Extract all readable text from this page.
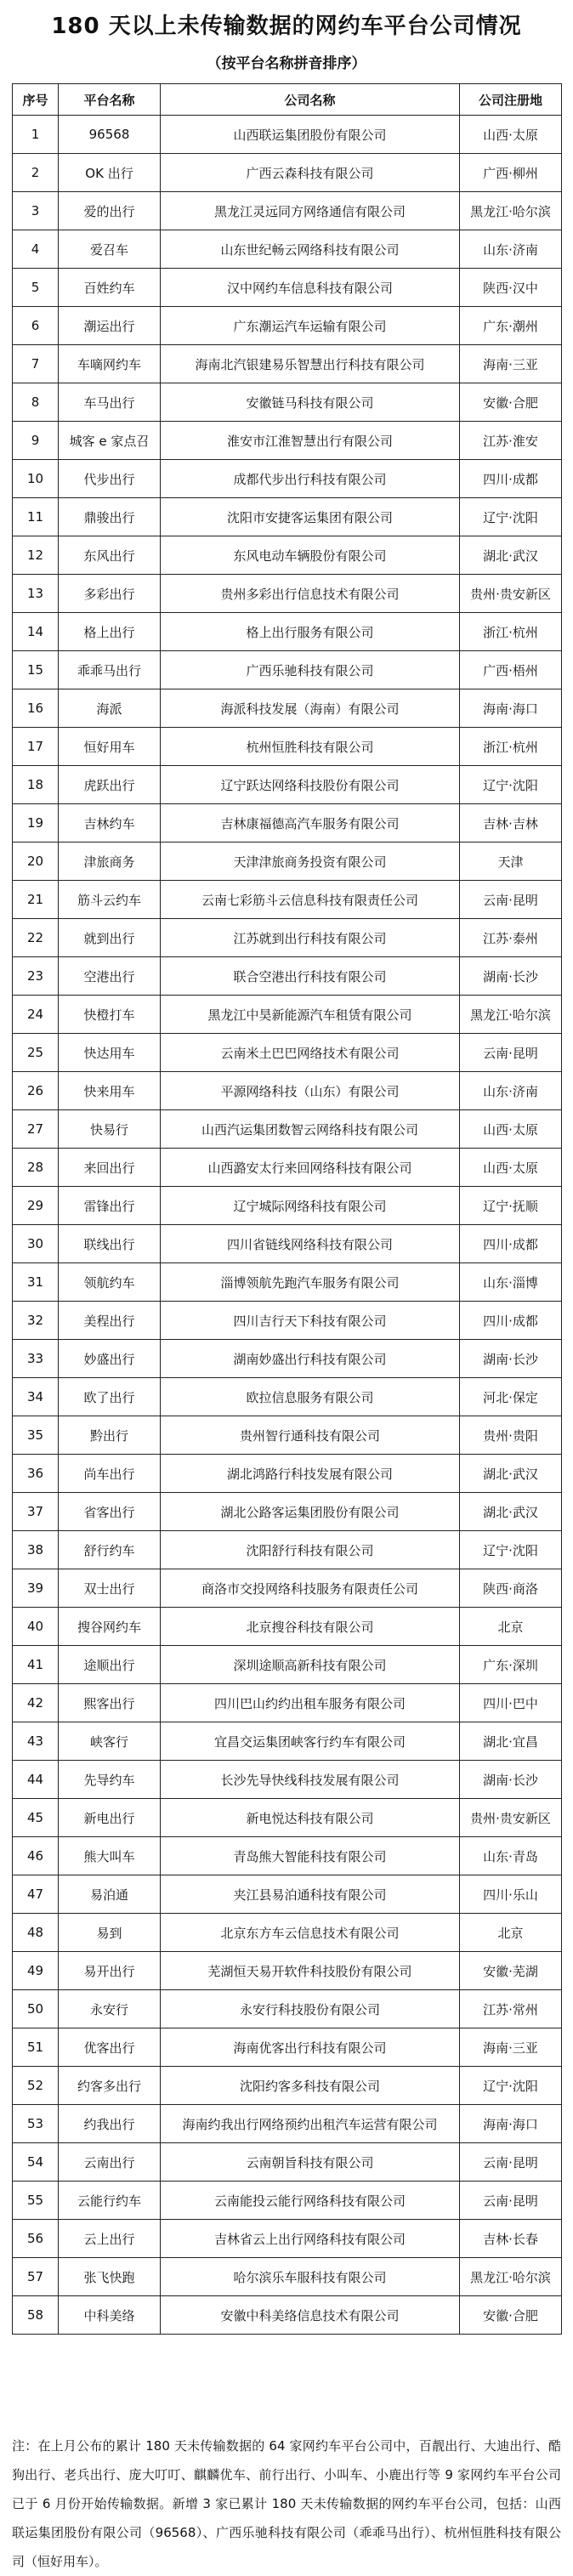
180 天以上未传输数据的网约车平台公司情况
（按平台名称拼音排序）
序号	平台名称	公司名称	公司注册地
1	96568	山西联运集团股份有限公司	山西·太原
2	OK 出行	广西云森科技有限公司	广西·柳州
3	爱的出行	黑龙江灵远同方网络通信有限公司	黑龙江·哈尔滨
4	爱召车	山东世纪畅云网络科技有限公司	山东·济南
5	百姓约车	汉中网约车信息科技有限公司	陕西·汉中
6	潮运出行	广东潮运汽车运输有限公司	广东·潮州
7	车嘀网约车	海南北汽银建易乐智慧出行科技有限公司	海南·三亚
8	车马出行	安徽链马科技有限公司	安徽·合肥
9	城客 e 家点召	淮安市江淮智慧出行有限公司	江苏·淮安
10	代步出行	成都代步出行科技有限公司	四川·成都
11	鼎骏出行	沈阳市安捷客运集团有限公司	辽宁·沈阳
12	东风出行	东风电动车辆股份有限公司	湖北·武汉
13	多彩出行	贵州多彩出行信息技术有限公司	贵州·贵安新区
14	格上出行	格上出行服务有限公司	浙江·杭州
15	乖乖马出行	广西乐驰科技有限公司	广西·梧州
16	海派	海派科技发展（海南）有限公司	海南·海口
17	恒好用车	杭州恒胜科技有限公司	浙江·杭州
18	虎跃出行	辽宁跃达网络科技股份有限公司	辽宁·沈阳
19	吉林约车	吉林康福德高汽车服务有限公司	吉林·吉林
20	津旅商务	天津津旅商务投资有限公司	天津
21	筋斗云约车	云南七彩筋斗云信息科技有限责任公司	云南·昆明
22	就到出行	江苏就到出行科技有限公司	江苏·泰州
23	空港出行	联合空港出行科技有限公司	湖南·长沙
24	快橙打车	黑龙江中昊新能源汽车租赁有限公司	黑龙江·哈尔滨
25	快达用车	云南米土巴巴网络技术有限公司	云南·昆明
26	快来用车	平源网络科技（山东）有限公司	山东·济南
27	快易行	山西汽运集团数智云网络科技有限公司	山西·太原
28	来回出行	山西潞安太行来回网络科技有限公司	山西·太原
29	雷锋出行	辽宁城际网络科技有限公司	辽宁·抚顺
30	联线出行	四川省链线网络科技有限公司	四川·成都
31	领航约车	淄博领航先跑汽车服务有限公司	山东·淄博
32	美程出行	四川吉行天下科技有限公司	四川·成都
33	妙盛出行	湖南妙盛出行科技有限公司	湖南·长沙
34	欧了出行	欧拉信息服务有限公司	河北·保定
35	黔出行	贵州智行通科技有限公司	贵州·贵阳
36	尚车出行	湖北鸿路行科技发展有限公司	湖北·武汉
37	省客出行	湖北公路客运集团股份有限公司	湖北·武汉
38	舒行约车	沈阳舒行科技有限公司	辽宁·沈阳
39	双士出行	商洛市交投网络科技服务有限责任公司	陕西·商洛
40	搜谷网约车	北京搜谷科技有限公司	北京
41	途顺出行	深圳途顺高新科技有限公司	广东·深圳
42	熙客出行	四川巴山约约出租车服务有限公司	四川·巴中
43	峡客行	宜昌交运集团峡客行约车有限公司	湖北·宜昌
44	先导约车	长沙先导快线科技发展有限公司	湖南·长沙
45	新电出行	新电悦达科技有限公司	贵州·贵安新区
46	熊大叫车	青岛熊大智能科技有限公司	山东·青岛
47	易泊通	夹江县易泊通科技有限公司	四川·乐山
48	易到	北京东方车云信息技术有限公司	北京
49	易开出行	芜湖恒天易开软件科技股份有限公司	安徽·芜湖
50	永安行	永安行科技股份有限公司	江苏·常州
51	优客出行	海南优客出行科技有限公司	海南·三亚
52	约客多出行	沈阳约客多科技有限公司	辽宁·沈阳
53	约我出行	海南约我出行网络预约出租汽车运营有限公司	海南·海口
54	云南出行	云南朝旨科技有限公司	云南·昆明
55	云能行约车	云南能投云能行网络科技有限公司	云南·昆明
56	云上出行	吉林省云上出行网络科技有限公司	吉林·长春
57	张飞快跑	哈尔滨乐车服科技有限公司	黑龙江·哈尔滨
58	中科美络	安徽中科美络信息技术有限公司	安徽·合肥
注：在上月公布的累计 180 天未传输数据的 64 家网约车平台公司中，百靓出行、大迪出行、酷狗出行、老兵出行、庞大叮叮、麒麟优车、前行出行、小叫车、小鹿出行等 9 家网约车平台公司已于 6 月份开始传输数据。新增 3 家已累计 180 天未传输数据的网约车平台公司，包括：山西联运集团股份有限公司（96568）、广西乐驰科技有限公司（乖乖马出行）、杭州恒胜科技有限公司（恒好用车）。
